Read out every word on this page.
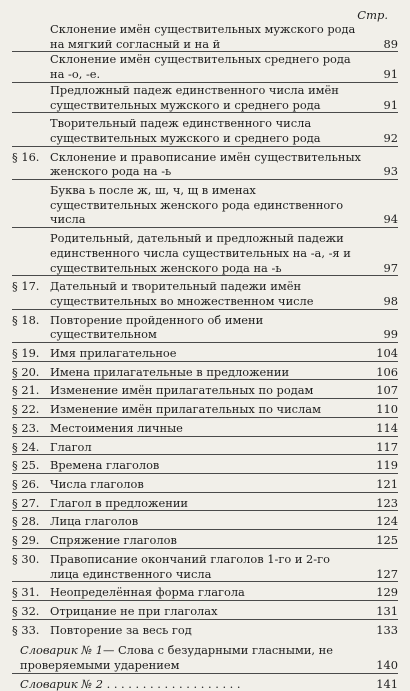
Стр.
Склонение имён существительных мужского рода на мягкий согласный и на й	89
Склонение имён существительных среднего рода на -о, -е.	91
Предложный падеж единственного числа имён существительных мужского и среднего рода	91
Творительный падеж единственного числа существительных мужского и среднего рода	92
§ 16. Склонение и правописание имён существительных женского рода на -ь	93
Буква ь после ж, ш, ч, щ в именах существительных женского рода единственного числа	94
Родительный, дательный и предложный падежи единственного числа существительных на -а, -я и существительных женского рода на -ь	97
§ 17. Дательный и творительный падежи имён существительных во множественном числе	98
§ 18. Повторение пройденного об имени существительном	99
§ 19. Имя прилагательное	104
§ 20. Имена прилагательные в предложении	106
§ 21. Изменение имён прилагательных по родам	107
§ 22. Изменение имён прилагательных по числам	110
§ 23. Местоимения личные	114
§ 24. Глагол	117
§ 25. Времена глаголов	119
§ 26. Числа глаголов	121
§ 27. Глагол в предложении	123
§ 28. Лица глаголов	124
§ 29. Спряжение глаголов	125
§ 30. Правописание окончаний глаголов 1-го и 2-го лица единственного числа	127
§ 31. Неопределённая форма глагола	129
§ 32. Отрицание не при глаголах	131
§ 33. Повторение за весь год	133
Словарик № 1— Слова с безударными гласными, не проверяемыми ударением	140
Словарик № 2 . . . . . . . . . . . . . . . . . . .	141
